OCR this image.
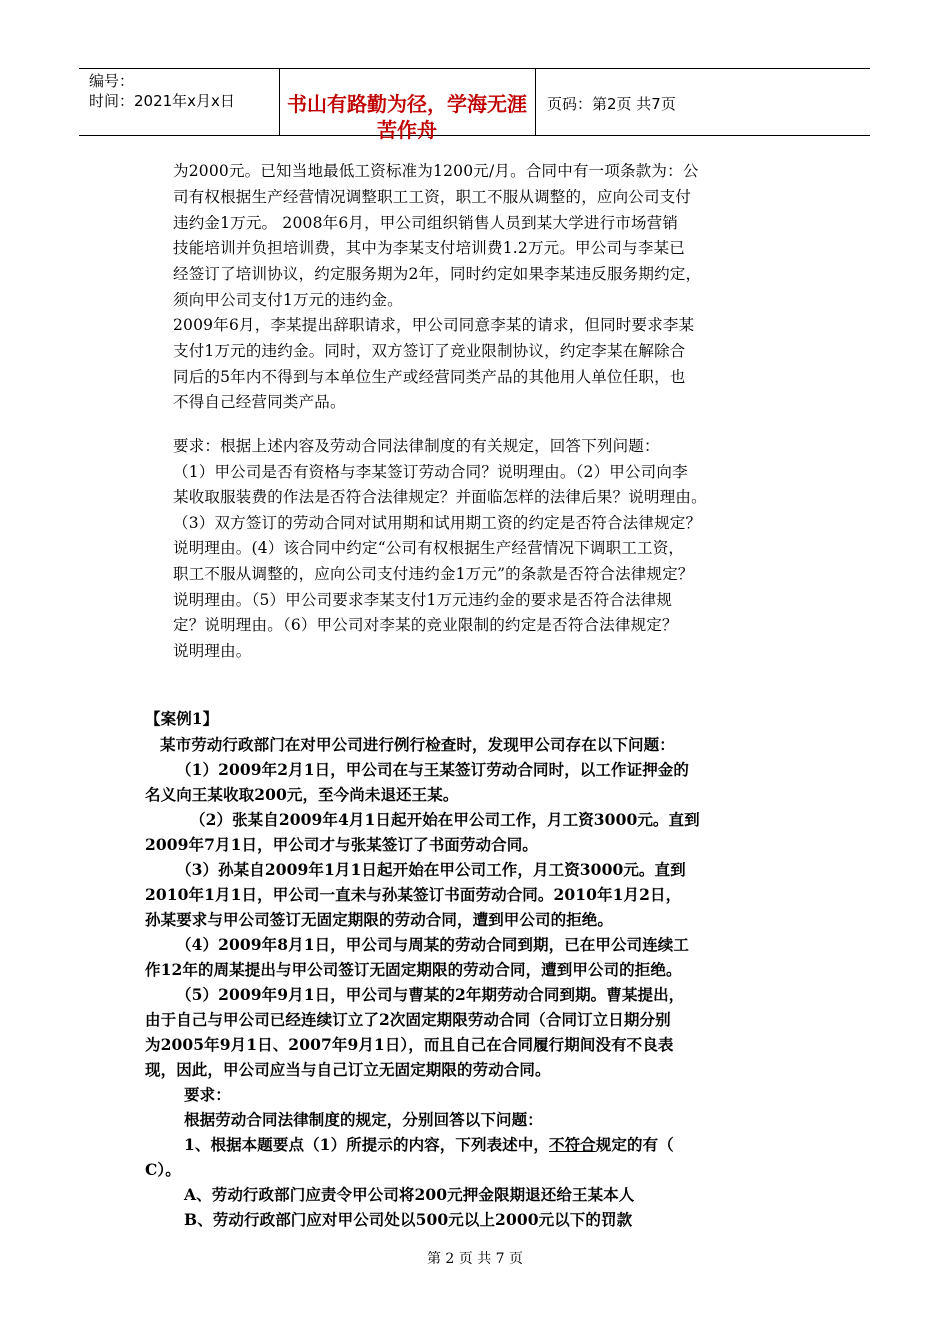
编号：
时间：2021年x月x日	书山有路勤为径，学海无涯苦作舟
页码：第2页 共7页
为2000元。已知当地最低工资标准为1200元/月。合同中有一项条款为：公
司有权根据生产经营情况调整职工工资，职工不服从调整的，应向公司支付
违约金1万元。 2008年6月，甲公司组织销售人员到某大学进行市场营销
技能培训并负担培训费，其中为李某支付培训费1.2万元。甲公司与李某已
经签订了培训协议，约定服务期为2年，同时约定如果李某违反服务期约定，
须向甲公司支付1万元的违约金。
2009年6月，李某提出辞职请求，甲公司同意李某的请求，但同时要求李某
支付1万元的违约金。同时，双方签订了竞业限制协议，约定李某在解除合
同后的5年内不得到与本单位生产或经营同类产品的其他用人单位任职，也
不得自己经营同类产品。
要求：根据上述内容及劳动合同法律制度的有关规定，回答下列问题：
（1）甲公司是否有资格与李某签订劳动合同？说明理由。（2）甲公司向李
某收取服装费的作法是否符合法律规定？并面临怎样的法律后果？说明理由。
（3）双方签订的劳动合同对试用期和试用期工资的约定是否符合法律规定？
说明理由。(4）该合同中约定“公司有权根据生产经营情况下调职工工资，
职工不服从调整的，应向公司支付违约金1万元”的条款是否符合法律规定？
说明理由。（5）甲公司要求李某支付1万元违约金的要求是否符合法律规
定？说明理由。（6）甲公司对李某的竞业限制的约定是否符合法律规定？
说明理由。
【案例1】
某市劳动行政部门在对甲公司进行例行检查时，发现甲公司存在以下问题：
（1）2009年2月1日，甲公司在与王某签订劳动合同时，以工作证押金的
名义向王某收取200元，至今尚未退还王某。
（2）张某自2009年4月1日起开始在甲公司工作，月工资3000元。直到
2009年7月1日，甲公司才与张某签订了书面劳动合同。
（3）孙某自2009年1月1日起开始在甲公司工作，月工资3000元。直到
2010年1月1日，甲公司一直未与孙某签订书面劳动合同。2010年1月2日，
孙某要求与甲公司签订无固定期限的劳动合同，遭到甲公司的拒绝。
（4）2009年8月1日，甲公司与周某的劳动合同到期，已在甲公司连续工
作12年的周某提出与甲公司签订无固定期限的劳动合同，遭到甲公司的拒绝。
（5）2009年9月1日，甲公司与曹某的2年期劳动合同到期。曹某提出，
由于自己与甲公司已经连续订立了2次固定期限劳动合同（合同订立日期分别
为2005年9月1日、2007年9月1日），而且自己在合同履行期间没有不良表
现，因此，甲公司应当与自己订立无固定期限的劳动合同。
要求：
根据劳动合同法律制度的规定，分别回答以下问题：
1、根据本题要点（1）所提示的内容，下列表述中，不符合规定的有（
C）。
A、劳动行政部门应责令甲公司将200元押金限期退还给王某本人
B、劳动行政部门应对甲公司处以500元以上2000元以下的罚款
第 2 页 共 7 页
